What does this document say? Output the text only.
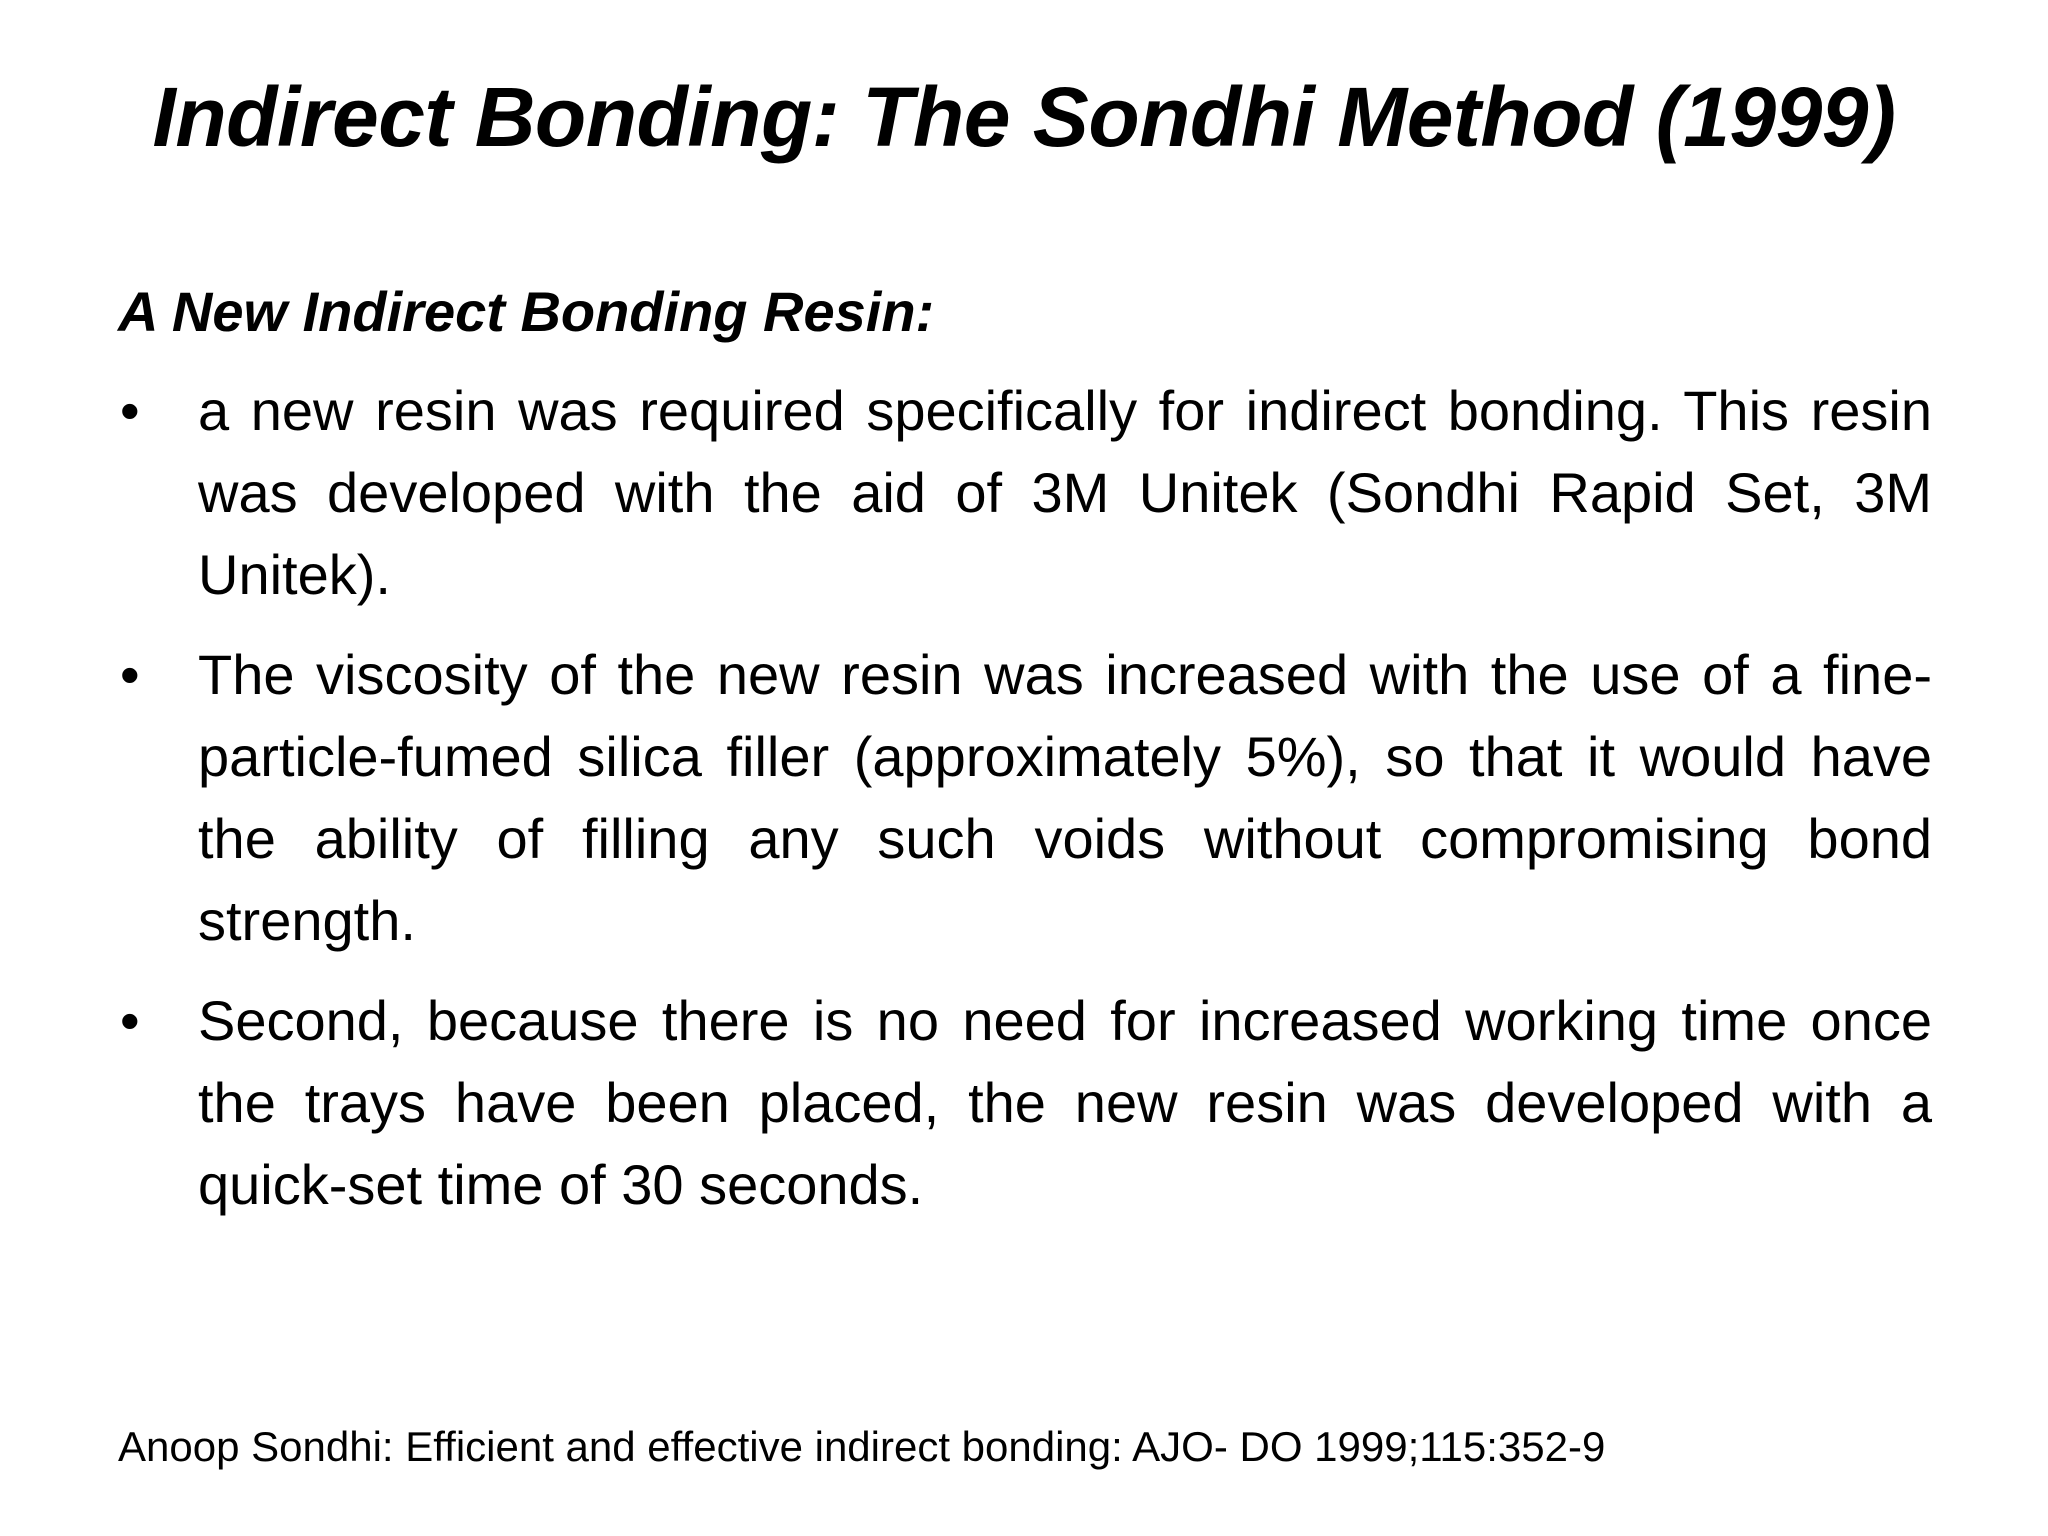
Indirect Bonding: The Sondhi Method (1999)
A New Indirect Bonding Resin:
•	a new resin was required specifically for indirect bonding. This resin was developed with the aid of 3M Unitek (Sondhi Rapid Set, 3M Unitek).
•	The viscosity of the new resin was increased with the use of a fine-particle-fumed silica filler (approximately 5%), so that it would have the ability of filling any such voids without compromising bond strength.
•	Second, because there is no need for increased working time once the trays have been placed, the new resin was developed with a quick-set time of 30 seconds.
Anoop Sondhi: Efficient and effective indirect bonding: AJO- DO 1999;115:352-9
